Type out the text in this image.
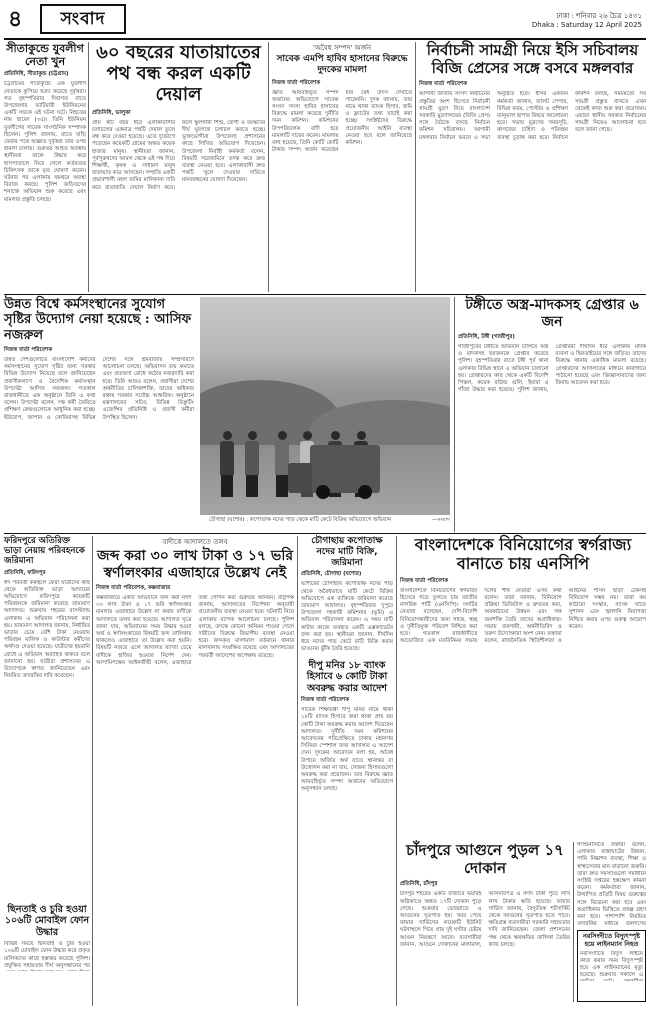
৪	সংবাদ	ঢাকা : শনিবার ২৬ চৈত্র ১৪৩১
Dhaka : Saturday 12 April 2025
সীতাকুন্ডে যুবলীগ নেতা খুন
প্রতিনিধি, সীতাকুন্ড (চট্টগ্রাম)
চট্টগ্রামের সীতাকুন্ডে এক যুবলীগ নেতাকে কুপিয়ে হত্যা করেছে দুর্বৃত্তরা। গত বৃহস্পতিবার দিবাগত রাতে উপজেলার ভাটিয়ারী ইউনিয়নের একটি সড়কে এই ঘটনা ঘটে। নিহতের নাম ছাবেদ (৩৫)। তিনি ইউনিয়ন যুবলীগের সাবেক সাংগঠনিক সম্পাদক ছিলেন। পুলিশ জানায়, রাতে বাড়ি ফেরার পথে অজ্ঞাত দুর্বৃত্তরা তার ওপর হামলা চালায়। গুরুতর আহত অবস্থায় স্থানীয়রা তাকে উদ্ধার করে হাসপাতালে নিয়ে গেলে কর্তব্যরত চিকিৎসক তাকে মৃত ঘোষণা করেন। ঘটনার পর এলাকায় থমথমে অবস্থা বিরাজ করছে। পুলিশ জড়িতদের শনাক্তে অভিযান শুরু করেছে এবং মামলার প্রস্তুতি চলছে।
৬০ বছরের যাতায়াতের পথ বন্ধ করল একটি দেয়াল
প্রতিনিধি, ভালুকা
প্রায় ষাট বছর ধরে এলাকাবাসীর চলাচলের একমাত্র পথটি দেয়াল তুলে বন্ধ করে দেওয়া হয়েছে। এতে দুর্ভোগে পড়েছেন কয়েকটি গ্রামের অন্তত কয়েক হাজার মানুষ। স্থানীয়রা জানান, পূর্বপুরুষদের আমল থেকে এই পথ দিয়ে শিক্ষার্থী, কৃষক ও সাধারণ মানুষ যাতায়াত করে আসছেন। সম্প্রতি একটি প্রভাবশালী মহল জমির মালিকানা দাবি করে রাতারাতি দেয়াল নির্মাণ করে। ফলে স্কুলগামী শিশু, রোগী ও বয়স্কদের দীর্ঘ ঘুরপথে চলাচল করতে হচ্ছে। ভুক্তভোগীরা উপজেলা প্রশাসনের কাছে লিখিত অভিযোগ দিয়েছেন। উপজেলা নির্বাহী কর্মকর্তা বলেন, বিষয়টি সরেজমিনে তদন্ত করে দ্রুত ব্যবস্থা নেওয়া হবে। এলাকাবাসী দ্রুত পথটি খুলে দেওয়ার দাবিতে মানববন্ধনের ঘোষণা দিয়েছেন।
'অবৈধ সম্পদ' অর্জন
সাবেক এমপি হাবিব হাসানের বিরুদ্ধে দুদকের মামলা
নিজস্ব বার্তা পরিবেশক
জ্ঞাত আয়বহির্ভূত সম্পদ অর্জনের অভিযোগে সাবেক সংসদ সদস্য হাবিব হাসানের বিরুদ্ধে মামলা করেছে দুর্নীতি দমন কমিশন। কমিশনের উপপরিচালক বাদী হয়ে মামলাটি দায়ের করেন। মামলায় বলা হয়েছে, তিনি কোটি কোটি টাকার সম্পদ অর্জন করেছেন যার বৈধ উৎস দেখাতে পারেননি। দুদক জানায়, তার নামে থাকা ব্যাংক হিসাব, জমি ও ফ্ল্যাটের তথ্য যাচাই করা হচ্ছে। সংশ্লিষ্টদের বিরুদ্ধে প্রয়োজনীয় আইনি ব্যবস্থা নেওয়া হবে বলে জানিয়েছে কমিশন।
নির্বাচনী সামগ্রী নিয়ে ইসি সচিবালয় বিজি প্রেসের সঙ্গে বসবে মঙ্গলবার
নিজস্ব বার্তা পরিবেশক
আগামী জাতীয় সংসদ নির্বাচনের প্রস্তুতির অংশ হিসেবে নির্বাচনী সামগ্রী মুদ্রণ নিয়ে বাংলাদেশ সরকারি মুদ্রণালয়ের (বিজি প্রেস) সঙ্গে বৈঠকে বসছে নির্বাচন কমিশন সচিবালয়। আগামী মঙ্গলবার নির্বাচন ভবনে এ সভা অনুষ্ঠিত হবে। ইসির একজন কর্মকর্তা জানান, ব্যালট পেপার, বিভিন্ন ফরম, পোস্টার ও প্রশিক্ষণ ম্যানুয়াল ছাপার বিষয়ে আলোচনা হবে। সভায় মুদ্রণের সময়সূচি, কাগজের চাহিদা ও পরিবহন ব্যবস্থা চূড়ান্ত করা হবে। নির্বাচন কমিশন বলছে, সময়মতো সব সামগ্রী প্রস্তুত রাখতে এখন থেকেই কাজ শুরু করা প্রয়োজন। এছাড়া স্থানীয় সরকার নির্বাচনের সামগ্রী নিয়েও আলোচনা হবে বলে জানা গেছে।
উন্নত বিশ্বে কর্মসংস্থানের সুযোগ সৃষ্টির উদ্যোগ নেয়া হয়েছে : আসিফ নজরুল
নিজস্ব বার্তা পরিবেশক
উন্নত দেশগুলোতে বাংলাদেশি কর্মীদের কর্মসংস্থানের সুযোগ সৃষ্টির জন্য সরকার বিভিন্ন উদ্যোগ নিয়েছে বলে জানিয়েছেন প্রবাসীকল্যাণ ও বৈদেশিক কর্মসংস্থান উপদেষ্টা আসিফ নজরুল। গতকাল রাজধানীতে এক অনুষ্ঠানে তিনি এ কথা বলেন। উপদেষ্টা বলেন, দক্ষ কর্মী তৈরিতে প্রশিক্ষণ কেন্দ্রগুলোকে আধুনিক করা হচ্ছে। ইউরোপ, জাপান ও কোরিয়াসহ বিভিন্ন দেশের সঙ্গে শ্রমবাজার সম্প্রসারণে আলোচনা চলছে। অভিবাসন ব্যয় কমাতে এবং প্রতারণা রোধে কঠোর নজরদারি করা হবে। তিনি আরও বলেন, প্রবাসীরা দেশের অর্থনীতির চালিকাশক্তি, তাদের অধিকার রক্ষায় সরকার সর্বোচ্চ আন্তরিক। অনুষ্ঠানে মন্ত্রণালয়ের সচিব, বিভিন্ন রিক্রুটিং এজেন্সির প্রতিনিধি ও প্রবাসী কর্মীরা উপস্থিত ছিলেন।
চৌগাছা (যশোর) : কপোতাক্ষ নদের পাড় থেকে মাটি কেটে বিক্রির অভিযোগে অভিযান	—সংবাদ
টঙ্গীতে অস্ত্র-মাদকসহ গ্রেপ্তার ৬ জন
প্রতিনিধি, টঙ্গী (গাজীপুর)
গাজীপুরের টঙ্গীতে অভিযান চালিয়ে অস্ত্র ও মাদকসহ ছয়জনকে গ্রেপ্তার করেছে পুলিশ। বৃহস্পতিবার রাতে টঙ্গী পূর্ব থানা এলাকার বিভিন্ন স্থানে এ অভিযান চালানো হয়। গ্রেপ্তারদের কাছ থেকে একটি বিদেশি পিস্তল, কয়েক রাউন্ড গুলি, ইয়াবা ও গাঁজা উদ্ধার করা হয়েছে। পুলিশ জানায়, গ্রেপ্তাররা দীর্ঘদিন ধরে এলাকায় মাদক ব্যবসা ও ছিনতাইয়ের সঙ্গে জড়িত। তাদের বিরুদ্ধে থানায় একাধিক মামলা রয়েছে। গ্রেপ্তারদের আদালতের মাধ্যমে কারাগারে পাঠানো হয়েছে এবং জিজ্ঞাসাবাদের জন্য রিমান্ড আবেদন করা হবে।
ফরিদপুরে অতিরিক্ত ভাড়া নেয়ায় পরিবহনকে জরিমানা
প্রতিনিধি, ফরিদপুর
ঈদ পরবর্তী কর্মস্থলে ফেরা যাত্রীদের কাছ থেকে অতিরিক্ত ভাড়া আদায়ের অভিযোগে ফরিদপুরে কয়েকটি পরিবহনকে জরিমানা করেছে ভ্রাম্যমাণ আদালত। শুক্রবার শহরের বাসস্ট্যান্ড এলাকায় এ অভিযান পরিচালনা করা হয়। ভ্রাম্যমাণ আদালত জানায়, নির্ধারিত ভাড়ার চেয়ে বেশি টাকা নেওয়ায় পরিবহন মালিক ও কাউন্টার কর্মীদের অর্থদণ্ড দেওয়া হয়েছে। যাত্রীদের হয়রানি রোধে এ অভিযান অব্যাহত থাকবে বলে জানানো হয়। যাত্রীরা প্রশাসনের এ উদ্যোগকে স্বাগত জানিয়েছেন এবং নিয়মিত তদারকির দাবি করেছেন।
বাদীকে আদালতে তলব
জব্দ করা ৩০ লাখ টাকা ও ১৭ ভরি স্বর্ণালংকার এজাহারে উল্লেখ নেই
নিজস্ব বার্তা পরিবেশক, কক্সবাজার
কক্সবাজারে একটি অভিযানে জব্দ করা নগদ ৩০ লাখ টাকা ও ১৭ ভরি স্বর্ণালংকার মামলার এজাহারে উল্লেখ না করায় বাদীকে আদালতে তলব করা হয়েছে। আদালত সূত্রে জানা যায়, অভিযানের সময় উদ্ধার হওয়া অর্থ ও স্বর্ণালংকারের বিষয়টি জব্দ তালিকায় থাকলেও এজাহারে তা উল্লেখ করা হয়নি। বিষয়টি নজরে এলে আদালত ব্যাখ্যা চেয়ে বাদীকে হাজির হওয়ার নির্দেশ দেন। আসামিপক্ষের আইনজীবী বলেন, এজাহারে তথ্য গোপন করা গুরুতর অনিয়ম। রাষ্ট্রপক্ষ জানায়, আদালতের নির্দেশনা অনুযায়ী প্রয়োজনীয় ব্যবস্থা নেওয়া হবে। ঘটনাটি নিয়ে এলাকায় ব্যাপক আলোচনা চলছে। পুলিশ বলছে, তদন্তে কোনো অনিয়ম পাওয়া গেলে দায়ীদের বিরুদ্ধে বিভাগীয় ব্যবস্থা নেওয়া হবে। জব্দকৃত মালামাল বর্তমানে থানার মালখানায় সংরক্ষিত রয়েছে এবং আদালতের পরবর্তী আদেশের অপেক্ষায় রয়েছে।
চৌগাছায় কপোতাক্ষ নদের মাটি বিক্রি, জরিমানা
প্রতিনিধি, চৌগাছা (যশোর)
যশোরের চৌগাছায় কপোতাক্ষ নদের পাড় থেকে অবৈধভাবে মাটি কেটে বিক্রির অভিযোগে এক ব্যক্তিকে জরিমানা করেছে ভ্রাম্যমাণ আদালত। বৃহস্পতিবার দুপুরে উপজেলা সহকারী কমিশনার (ভূমি) এ অভিযান পরিচালনা করেন। এ সময় মাটি কাটার কাজে ব্যবহৃত একটি এক্সকাভেটর জব্দ করা হয়। স্থানীয়রা জানান, দীর্ঘদিন ধরে নদের পাড় কেটে মাটি বিক্রি করায় ভাঙনের ঝুঁকি তৈরি হয়েছে।
দীপু মনির ১৮ ব্যাংক হিসাবে ৬ কোটি টাকা অবরুদ্ধ করার আদেশ
নিজস্ব বার্তা পরিবেশক
সাবেক শিক্ষামন্ত্রী দীপু মনির নামে থাকা ১৮টি ব্যাংক হিসাবে জমা থাকা প্রায় ছয় কোটি টাকা অবরুদ্ধ করার আদেশ দিয়েছেন আদালত। দুর্নীতি দমন কমিশনের আবেদনের পরিপ্রেক্ষিতে ঢাকার মহানগর সিনিয়র স্পেশাল জজ আদালত এ আদেশ দেন। দুদকের আবেদনে বলা হয়, অবৈধ উপায়ে অর্জিত অর্থ যাতে স্থানান্তর বা উত্তোলন করা না যায়, সেজন্য হিসাবগুলো অবরুদ্ধ করা প্রয়োজন। তার বিরুদ্ধে জ্ঞাত আয়বহির্ভূত সম্পদ অর্জনের অভিযোগে অনুসন্ধান চলছে।
বাংলাদেশকে বিনিয়োগের স্বর্গরাজ্য বানাতে চায় এনসিপি
নিজস্ব বার্তা পরিবেশক
বাংলাদেশকে বিনিয়োগের স্বর্গরাজ্য হিসেবে গড়ে তুলতে চায় জাতীয় নাগরিক পার্টি (এনসিপি)। দলটির নেতারা বলেছেন, দেশি-বিদেশি বিনিয়োগকারীদের জন্য সহজ, স্বচ্ছ ও দুর্নীতিমুক্ত পরিবেশ নিশ্চিত করা হবে। গতকাল রাজধানীতে আয়োজিত এক মতবিনিময় সভায় দলের শীর্ষ নেতারা এসব কথা বলেন। তারা জানান, বিনিয়োগ প্রক্রিয়া ডিজিটাল ও দ্রুততর করা, অবকাঠামো উন্নয়ন এবং দক্ষ জনশক্তি তৈরি তাদের অগ্রাধিকার। সভায় ব্যবসায়ী, অর্থনীতিবিদ ও তরুণ উদ্যোক্তারা অংশ নেন। বক্তারা বলেন, রাজনৈতিক স্থিতিশীলতা ও আইনের শাসন ছাড়া টেকসই বিনিয়োগ সম্ভব নয়। তারা কর কাঠামো সংস্কার, ব্যাংক খাতে সুশাসন এবং জ্বালানি নিরাপত্তা নিশ্চিত করার ওপর গুরুত্ব আরোপ করেন।
চাঁদপুরে আগুনে পুড়ল ১৭ দোকান
প্রতিনিধি, চাঁদপুর
চাঁদপুর শহরের একটি বাজারে ভয়াবহ অগ্নিকাণ্ডে অন্তত ১৭টি দোকান পুড়ে গেছে। শুক্রবার ভোররাতে এ আগুনের সূত্রপাত হয়। খবর পেয়ে ফায়ার সার্ভিসের কয়েকটি ইউনিট ঘটনাস্থলে গিয়ে প্রায় দুই ঘণ্টার চেষ্টায় আগুন নিয়ন্ত্রণে আনে। ব্যবসায়ীরা জানান, আগুনে দোকানের মালামাল, আসবাবপত্র ও নগদ টাকা পুড়ে লাখ লাখ টাকার ক্ষতি হয়েছে। ফায়ার সার্ভিস জানায়, বৈদ্যুতিক শর্টসার্কিট থেকে আগুনের সূত্রপাত হতে পারে। ক্ষতিগ্রস্ত ব্যবসায়ীরা সরকারি সহায়তার দাবি জানিয়েছেন। জেলা প্রশাসনের পক্ষ থেকে ক্ষয়ক্ষতির তালিকা তৈরির কাজ চলছে।
নরসিংদীতে বিদ্যুৎস্পৃষ্ট হয়ে লাইনম্যান নিহত
নরসিংদীতে বিদ্যুৎ লাইনে কাজ করার সময় বিদ্যুৎস্পৃষ্ট হয়ে এক লাইনম্যানের মৃত্যু হয়েছে। শুক্রবার সকালে এ
গণশুনানিতে বক্তারা বলেন, এলাকার রাস্তাঘাটের উন্নয়ন, পানি নিষ্কাশন ব্যবস্থা, শিক্ষা ও স্বাস্থ্যসেবার মান বাড়ানো জরুরি। তারা দ্রুত সমস্যাগুলো সমাধানে সংশ্লিষ্ট দপ্তরের হস্তক্ষেপ কামনা করেন। কর্মকর্তারা জানান, উত্থাপিত প্রতিটি বিষয় গুরুত্বের সঙ্গে বিবেচনা করা হবে এবং অগ্রাধিকার ভিত্তিতে প্রকল্প গ্রহণ করা হবে। পাশাপাশি নিয়মিত তদারকির মাধ্যমে জনগণের
ছিনতাই ও চুরি হওয়া ১০৬টি মোবাইল ফোন উদ্ধার
বিভিন্ন সময়ে ছিনতাই ও চুরি হওয়া ১০৬টি মোবাইল ফোন উদ্ধার করে প্রকৃত মালিকদের কাছে হস্তান্তর করেছে পুলিশ। প্রযুক্তির সহায়তায় দীর্ঘ অনুসন্ধানের পর
